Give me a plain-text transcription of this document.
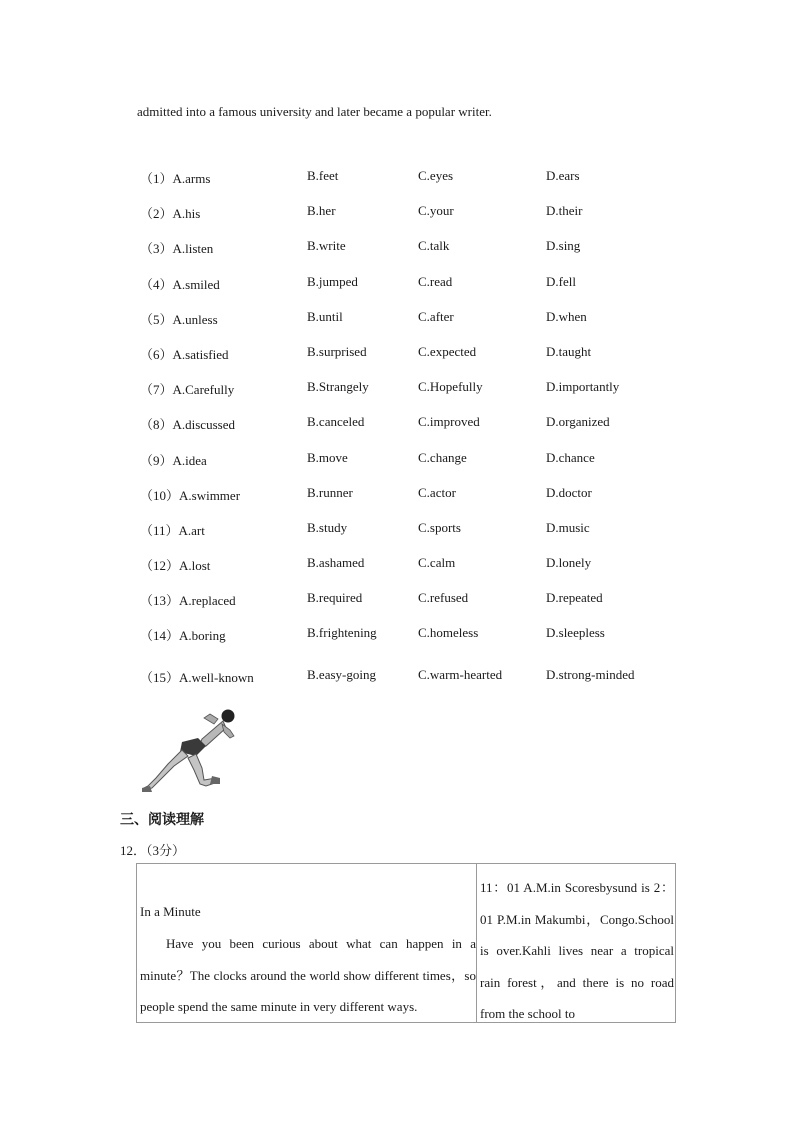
admitted into a famous university and later became a popular writer.
（1）A.arms	B.feet	C.eyes	D.ears
（2）A.his	B.her	C.your	D.their
（3）A.listen	B.write	C.talk	D.sing
（4）A.smiled	B.jumped	C.read	D.fell
（5）A.unless	B.until	C.after	D.when
（6）A.satisfied	B.surprised	C.expected	D.taught
（7）A.Carefully	B.Strangely	C.Hopefully	D.importantly
（8）A.discussed	B.canceled	C.improved	D.organized
（9）A.idea	B.move	C.change	D.chance
（10）A.swimmer	B.runner	C.actor	D.doctor
（11）A.art	B.study	C.sports	D.music
（12）A.lost	B.ashamed	C.calm	D.lonely
（13）A.replaced	B.required	C.refused	D.repeated
（14）A.boring	B.frightening	C.homeless	D.sleepless
（15）A.well-known	B.easy-going	C.warm-hearted	D.strong-minded
三、阅读理解
12．（3分）
In a Minute
Have you been curious about what can happen in a minute？The clocks around the world show different times，so people spend the same minute in very different ways.
11：01 A.M.in Scoresbysund is 2：01 P.M.in Makumbi，Congo.School is over.Kahli lives near a tropical rain forest，and there is no road from the school to
